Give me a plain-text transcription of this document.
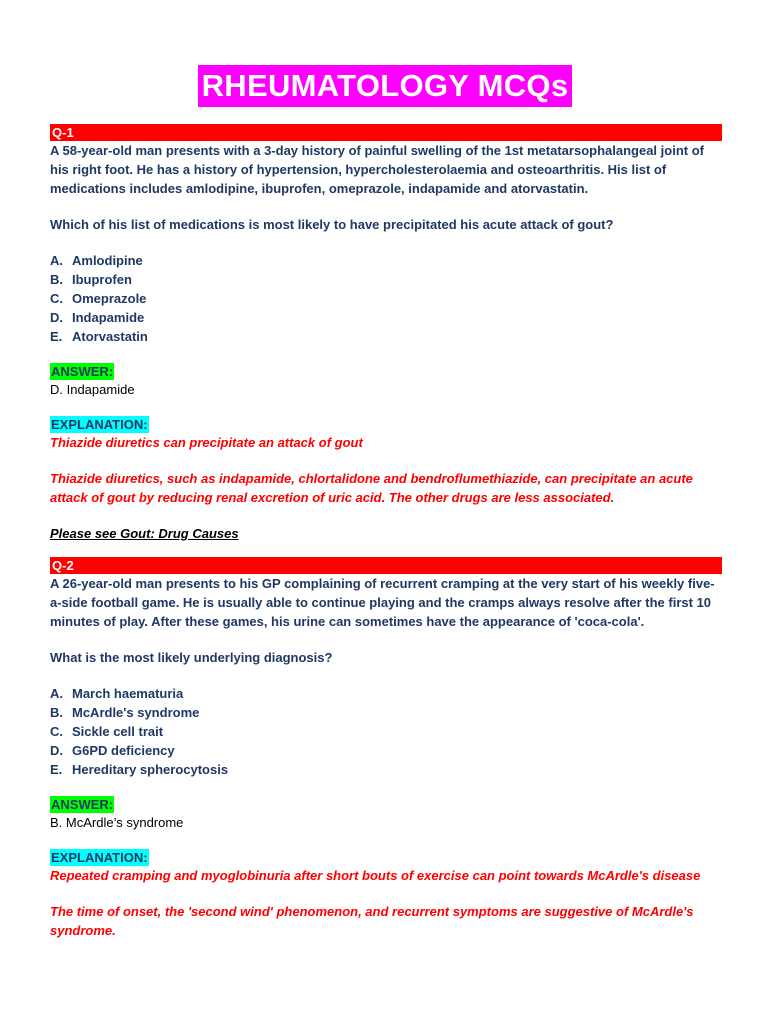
RHEUMATOLOGY MCQs
Q-1

A 58-year-old man presents with a 3-day history of painful swelling of the 1st metatarsophalangeal joint of his right foot. He has a history of hypertension, hypercholesterolaemia and osteoarthritis. His list of medications includes amlodipine, ibuprofen, omeprazole, indapamide and atorvastatin.

Which of his list of medications is most likely to have precipitated his acute attack of gout?

A. Amlodipine
B. Ibuprofen
C. Omeprazole
D. Indapamide
E. Atorvastatin
ANSWER:
D. Indapamide
EXPLANATION:
Thiazide diuretics can precipitate an attack of gout
Thiazide diuretics, such as indapamide, chlortalidone and bendroflumethiazide, can precipitate an acute attack of gout by reducing renal excretion of uric acid. The other drugs are less associated.
Please see Gout: Drug Causes
Q-2

A 26-year-old man presents to his GP complaining of recurrent cramping at the very start of his weekly five-a-side football game. He is usually able to continue playing and the cramps always resolve after the first 10 minutes of play. After these games, his urine can sometimes have the appearance of 'coca-cola'.

What is the most likely underlying diagnosis?

A. March haematuria
B. McArdle's syndrome
C. Sickle cell trait
D. G6PD deficiency
E. Hereditary spherocytosis
ANSWER:
B. McArdle’s syndrome
EXPLANATION:
Repeated cramping and myoglobinuria after short bouts of exercise can point towards McArdle's disease
The time of onset, the 'second wind' phenomenon, and recurrent symptoms are suggestive of McArdle's syndrome.
